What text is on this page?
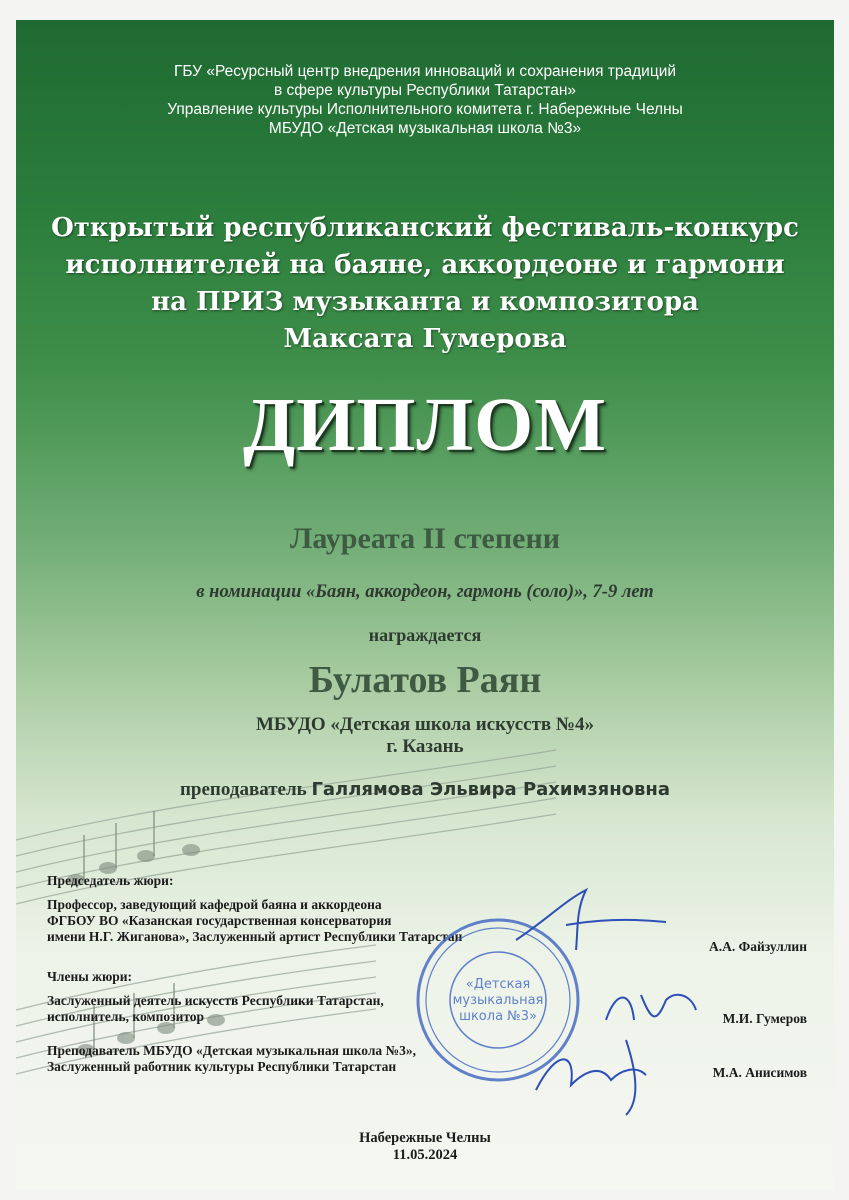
ГБУ «Ресурсный центр внедрения инноваций и сохранения традиций
в сфере культуры Республики Татарстан»
Управление культуры Исполнительного комитета г. Набережные Челны
МБУДО «Детская музыкальная школа №3»
Открытый республиканский фестиваль-конкурс
исполнителей на баяне, аккордеоне и гармони
на ПРИЗ музыканта и композитора
Максата Гумерова
ДИПЛОМ
Лауреата II степени
в номинации «Баян, аккордеон, гармонь (соло)», 7-9 лет
награждается
Булатов Раян
МБУДО «Детская школа искусств №4»
г. Казань
преподаватель Галлямова Эльвира Рахимзяновна
Председатель жюри:
Профессор, заведующий кафедрой баяна и аккордеона
ФГБОУ ВО «Казанская государственная консерватория
имени Н.Г. Жиганова», Заслуженный артист Республики Татарстан
А.А. Файзуллин
Члены жюри:
Заслуженный деятель искусств Республики Татарстан,
исполнитель, композитор	М.И. Гумеров
Преподаватель МБУДО «Детская музыкальная школа №3»,
Заслуженный работник культуры Республики Татарстан	М.А. Анисимов
«Детская
музыкальная
школа №3»
Набережные Челны
11.05.2024
